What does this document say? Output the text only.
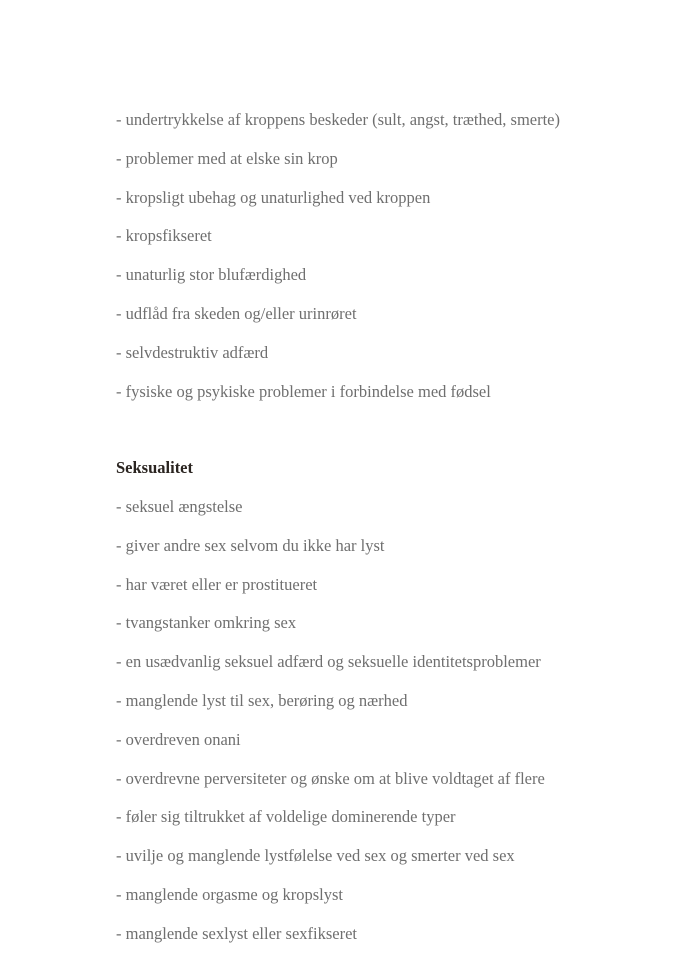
- undertrykkelse af kroppens beskeder (sult, angst, træthed, smerte)
- problemer med at elske sin krop
- kropsligt ubehag og unaturlighed ved kroppen
- kropsfikseret
- unaturlig stor blufærdighed
- udflåd fra skeden og/eller urinrøret
- selvdestruktiv adfærd
- fysiske og psykiske problemer i forbindelse med fødsel
Seksualitet
- seksuel ængstelse
- giver andre sex selvom du ikke har lyst
- har været eller er prostitueret
- tvangstanker omkring sex
- en usædvanlig seksuel adfærd og seksuelle identitetsproblemer
- manglende lyst til sex, berøring og nærhed
- overdreven onani
- overdrevne perversiteter og ønske om at blive voldtaget af flere
- føler sig tiltrukket af voldelige dominerende typer
- uvilje og manglende lystfølelse ved sex og smerter ved sex
- manglende orgasme og kropslyst
- manglende sexlyst eller sexfikseret
